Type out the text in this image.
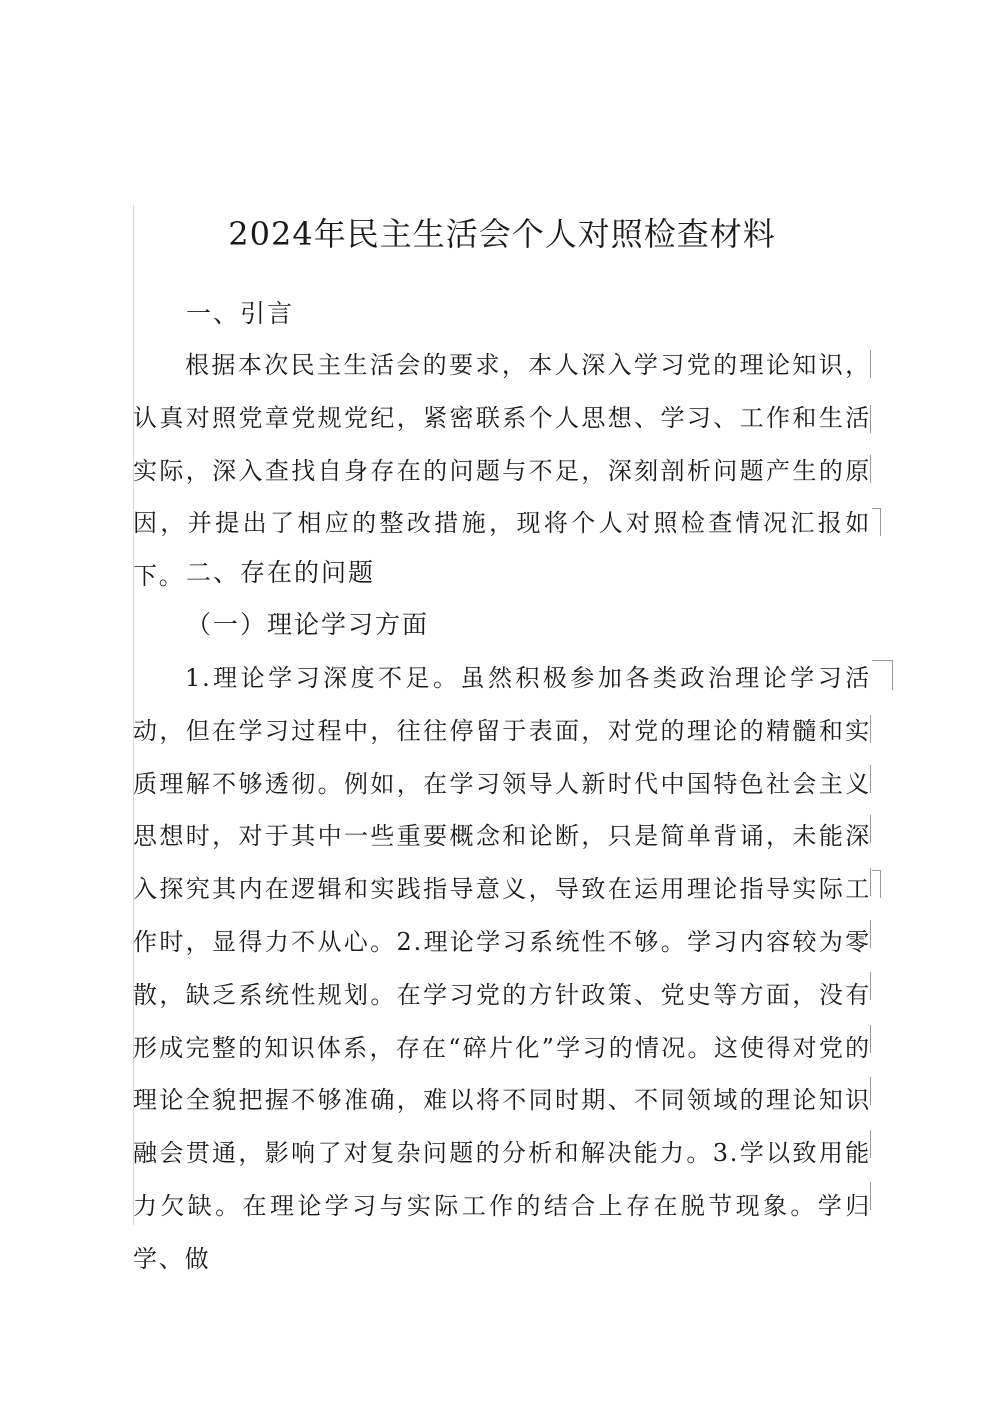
2024年民主生活会个人对照检查材料
一、引言

根据本次民主生活会的要求，本人深入学习党的理论知识，认真对照党章党规党纪，紧密联系个人思想、学习、工作和生活实际，深入查找自身存在的问题与不足，深刻剖析问题产生的原因，并提出了相应的整改措施，现将个人对照检查情况汇报如下。 二、存在的问题
（一）理论学习方面

1.理论学习深度不足。虽然积极参加各类政治理论学习活动，但在学习过程中，往往停留于表面，对党的理论的精髓和实质理解不够透彻。例如，在学习领导人新时代中国特色社会主义思想时，对于其中一些重要概念和论断，只是简单背诵，未能深入探究其内在逻辑和实践指导意义，导致在运用理论指导实际工作时，显得力不从心。2.理论学习系统性不够。学习内容较为零散，缺乏系统性规划。在学习党的方针政策、党史等方面，没有形成完整的知识体系，存在“碎片化”学习的情况。这使得对党的理论全貌把握不够准确，难以将不同时期、不同领域的理论知识融会贯通，影响了对复杂问题的分析和解决能力。3.学以致用能力欠缺。在理论学习与实际工作的结合上存在脱节现象。学归学、做
